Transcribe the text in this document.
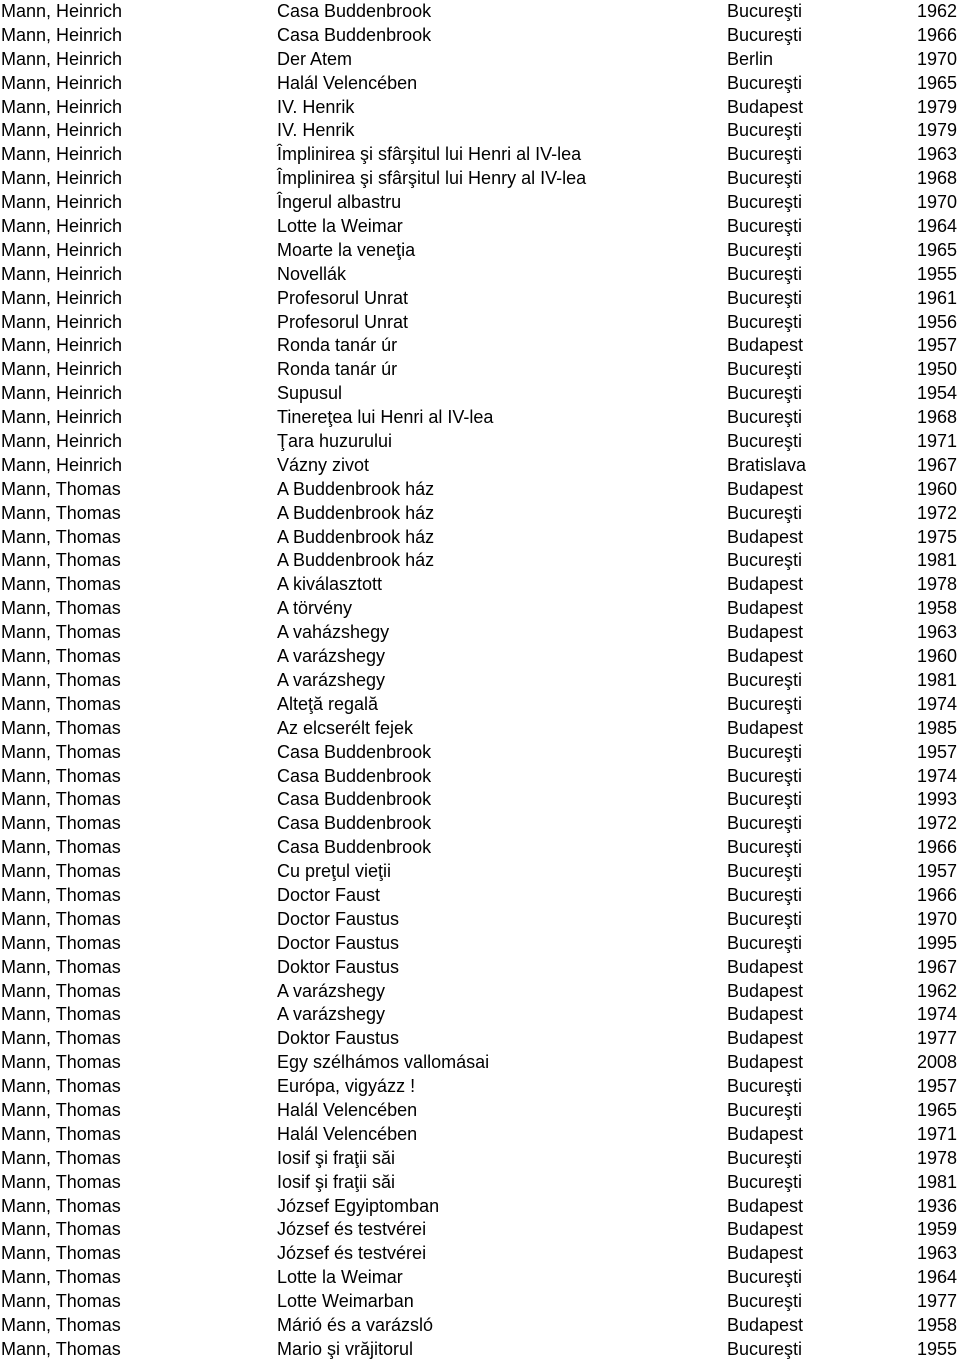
Mann, Heinrich	Casa Buddenbrook	Bucureşti	1962
Mann, Heinrich	Casa Buddenbrook	Bucureşti	1966
Mann, Heinrich	Der Atem	Berlin	1970
Mann, Heinrich	Halál Velencében	Bucureşti	1965
Mann, Heinrich	IV. Henrik	Budapest	1979
Mann, Heinrich	IV. Henrik	Bucureşti	1979
Mann, Heinrich	Împlinirea şi sfârşitul lui Henri al IV-lea	Bucureşti	1963
Mann, Heinrich	Împlinirea şi sfârşitul lui Henry al IV-lea	Bucureşti	1968
Mann, Heinrich	Îngerul albastru	Bucureşti	1970
Mann, Heinrich	Lotte la Weimar	Bucureşti	1964
Mann, Heinrich	Moarte la veneţia	Bucureşti	1965
Mann, Heinrich	Novellák	Bucureşti	1955
Mann, Heinrich	Profesorul Unrat	Bucureşti	1961
Mann, Heinrich	Profesorul Unrat	Bucureşti	1956
Mann, Heinrich	Ronda tanár úr	Budapest	1957
Mann, Heinrich	Ronda tanár úr	Bucureşti	1950
Mann, Heinrich	Supusul	Bucureşti	1954
Mann, Heinrich	Tinereţea lui Henri al IV-lea	Bucureşti	1968
Mann, Heinrich	Ţara huzurului	Bucureşti	1971
Mann, Heinrich	Vázny zivot	Bratislava	1967
Mann, Thomas	A Buddenbrook ház	Budapest	1960
Mann, Thomas	A Buddenbrook ház	Bucureşti	1972
Mann, Thomas	A Buddenbrook ház	Budapest	1975
Mann, Thomas	A Buddenbrook ház	Bucureşti	1981
Mann, Thomas	A kiválasztott	Budapest	1978
Mann, Thomas	A törvény	Budapest	1958
Mann, Thomas	A vaházshegy	Budapest	1963
Mann, Thomas	A varázshegy	Budapest	1960
Mann, Thomas	A varázshegy	Bucureşti	1981
Mann, Thomas	Alteţă regală	Bucureşti	1974
Mann, Thomas	Az elcserélt fejek	Budapest	1985
Mann, Thomas	Casa Buddenbrook	Bucureşti	1957
Mann, Thomas	Casa Buddenbrook	Bucureşti	1974
Mann, Thomas	Casa Buddenbrook	Bucureşti	1993
Mann, Thomas	Casa Buddenbrook	Bucureşti	1972
Mann, Thomas	Casa Buddenbrook	Bucureşti	1966
Mann, Thomas	Cu preţul vieţii	Bucureşti	1957
Mann, Thomas	Doctor Faust	Bucureşti	1966
Mann, Thomas	Doctor Faustus	Bucureşti	1970
Mann, Thomas	Doctor Faustus	Bucureşti	1995
Mann, Thomas	Doktor Faustus	Budapest	1967
Mann, Thomas	A varázshegy	Budapest	1962
Mann, Thomas	A varázshegy	Budapest	1974
Mann, Thomas	Doktor Faustus	Budapest	1977
Mann, Thomas	Egy szélhámos vallomásai	Budapest	2008
Mann, Thomas	Európa, vigyázz !	Bucureşti	1957
Mann, Thomas	Halál Velencében	Bucureşti	1965
Mann, Thomas	Halál Velencében	Budapest	1971
Mann, Thomas	Iosif şi fraţii săi	Bucureşti	1978
Mann, Thomas	Iosif şi fraţii săi	Bucureşti	1981
Mann, Thomas	József Egyiptomban	Budapest	1936
Mann, Thomas	József és testvérei	Budapest	1959
Mann, Thomas	József és testvérei	Budapest	1963
Mann, Thomas	Lotte la Weimar	Bucureşti	1964
Mann, Thomas	Lotte Weimarban	Bucureşti	1977
Mann, Thomas	Márió és a varázsló	Budapest	1958
Mann, Thomas	Mario şi vrăjitorul	Bucureşti	1955
